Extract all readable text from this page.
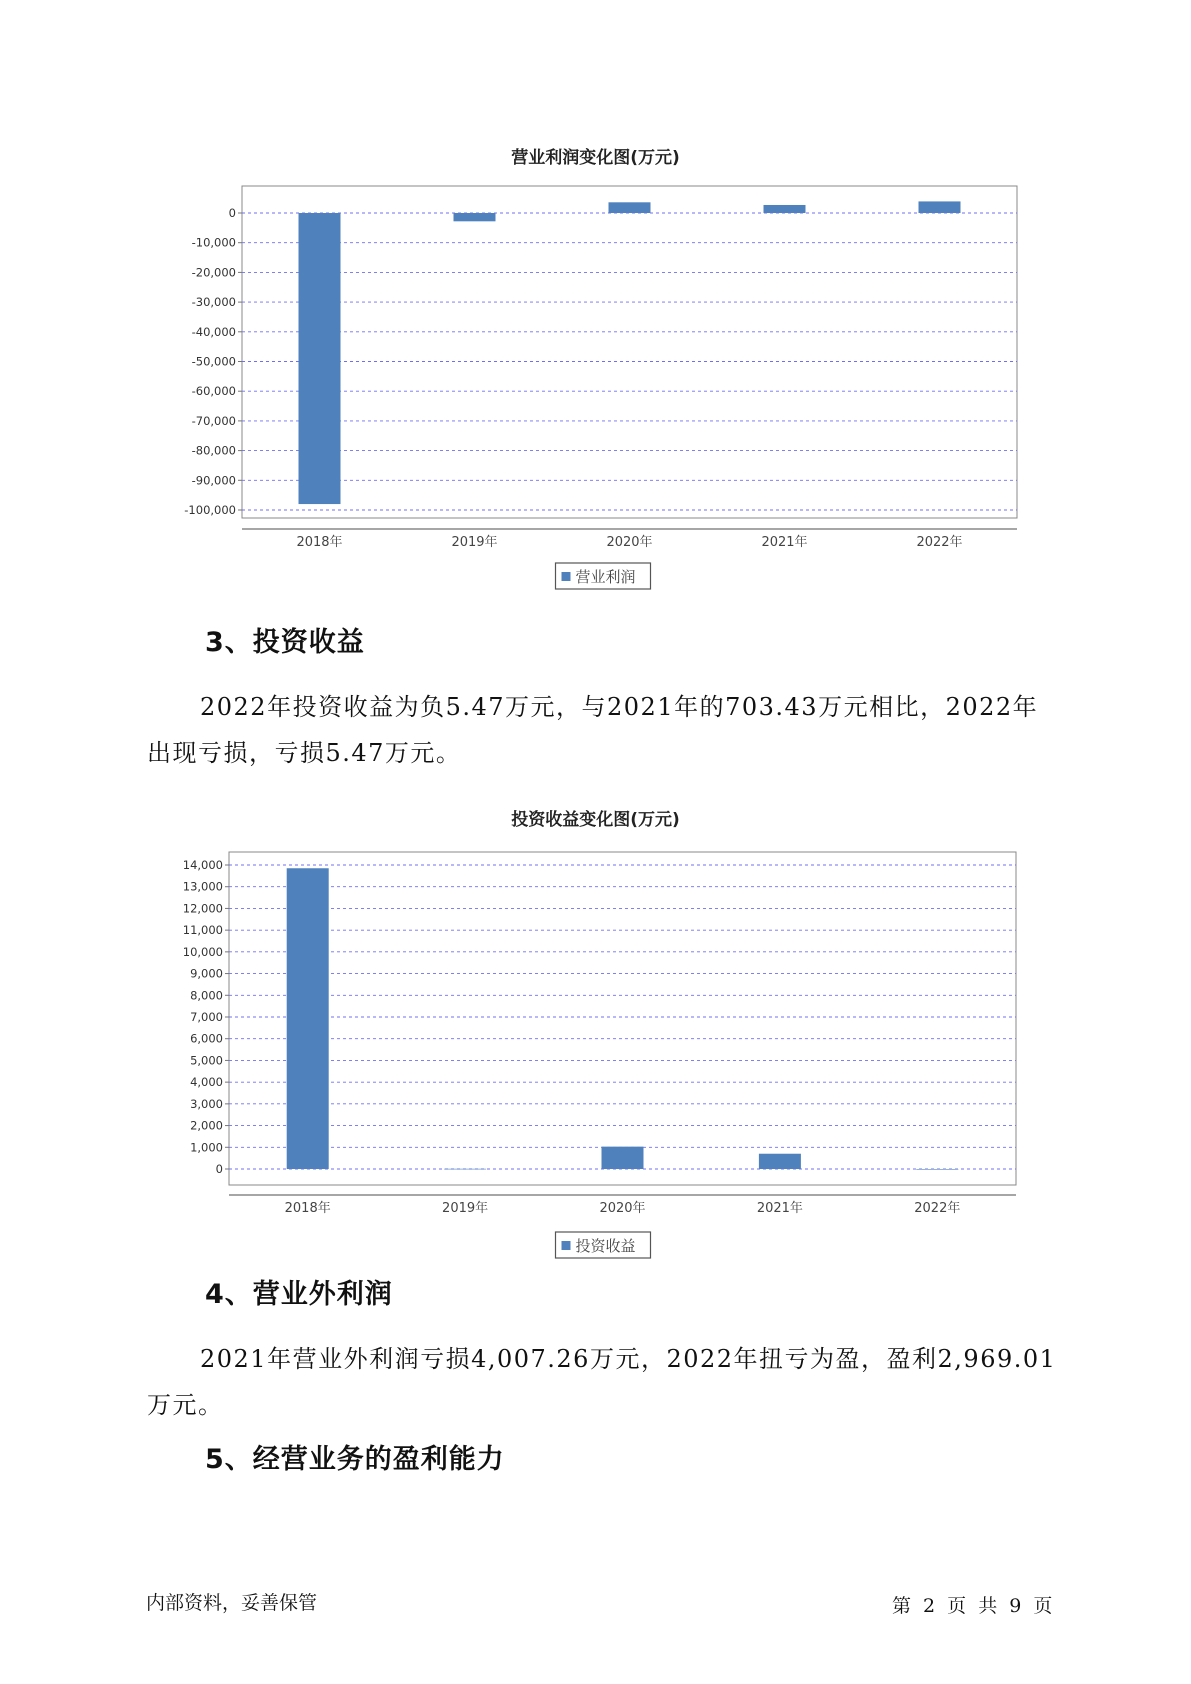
营业利润变化图(万元)
0
-10,000
-20,000
-30,000
-40,000
-50,000
-60,000
-70,000
-80,000
-90,000
-100,000
2018年	2019年	2020年	2021年	2022年
营业利润
3、投资收益
2022年投资收益为负5.47万元，与2021年的703.43万元相比，2022年
出现亏损，亏损5.47万元。
投资收益变化图(万元)
14,000
13,000
12,000
11,000
10,000
9,000
8,000
7,000
6,000
5,000
4,000
3,000
2,000
1,000
0
2018年	2019年	2020年	2021年	2022年
投资收益
4、营业外利润
2021年营业外利润亏损4,007.26万元，2022年扭亏为盈，盈利2,969.01
万元。
5、经营业务的盈利能力
内部资料，妥善保管	第 2 页 共 9 页
